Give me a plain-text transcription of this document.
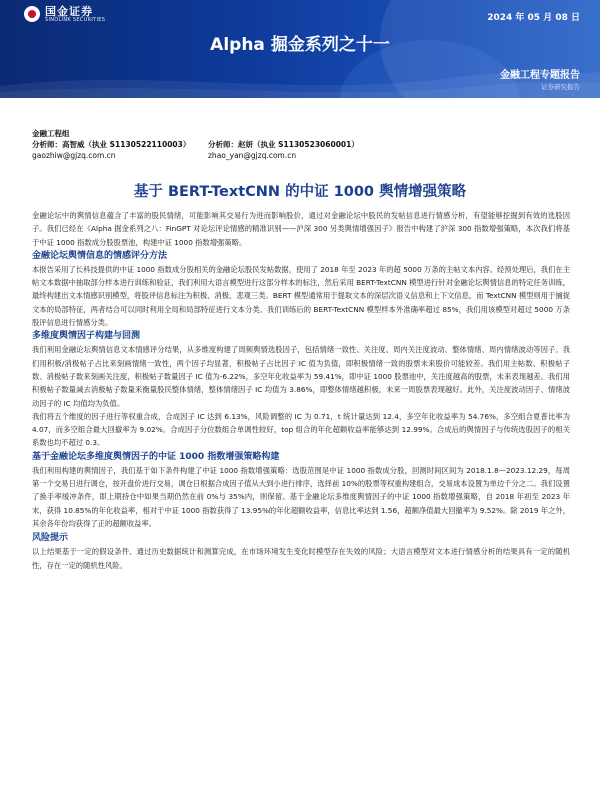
国金证券
SINOLINK SECURITIES	2024 年 05 月 08 日
Alpha 掘金系列之十一
金融工程专题报告
证券研究报告
金融工程组
分析师：高智威（执业 S1130522110003）	分析师：赵妍（执业 S1130523060001）
gaozhiw@gjzq.com.cn	zhao_yan@gjzq.com.cn
基于 BERT-TextCNN 的中证 1000 舆情增强策略

金融论坛中的舆情信息蕴含了丰富的股民情绪，可能影响其交易行为进而影响股价，通过对金融论坛中股民的发帖信息进行情感分析，有望能够挖掘到有效的选股因子。我们已经在《Alpha 掘金系列之八：FinGPT 对论坛评论情感的精准识别——沪深 300 另类舆情增强因子》报告中构建了沪深 300 指数增强策略，本次我们将基于中证 1000 指数成分股股票池，构建中证 1000 指数增强策略。

金融论坛舆情信息的情感评分方法

本报告采用了长科技提供的中证 1000 指数成分股相关的金融论坛股民发帖数据，使用了 2018 年至 2023 年的超 5000 万条的主帖文本内容。经预处理后，我们在主帖文本数据中抽取部分样本进行训练和验证，我们利用大语言模型进行这部分样本的标注，然后采用 BERT-TextCNN 模型进行针对金融论坛舆情信息的特定任务训练，最终构建出文本情感识别模型，将股评信息标注为积极、消极、悲观三类。BERT 模型通常用于提取文本的深层次语义信息和上下文信息，而 TextCNN 模型则用于捕捉文本的局部特征，两者结合可以同时利用全局和局部特征进行文本分类。我们训练后的 BERT-TextCNN 模型样本外准确率超过 85%，我们用该模型对超过 5000 万条股评信息进行情感分类。

多维度舆情因子构建与回测

我们利用金融论坛舆情信息文本情感评分结果，从多维度构建了周频舆情选股因子，包括情绪一致性、关注度、周内关注度波动、整体情绪、周内情绪波动等因子。我们用积极/消极帖子占比来刻画情绪一致性，两个因子均显著，积极帖子占比因子 IC 值为负值，即积极情绪一致的股票未来股价可能较差。我们用主帖数、积极帖子数、消极帖子数来刻画关注度，积极帖子数量因子 IC 值为-6.22%，多空年化收益率为 59.41%，即中证 1000 股票池中，关注度越高的股票，未来表现越差。我们用积极帖子数量减去消极帖子数量来衡量股民整体情绪，整体情绪因子 IC 均值为 3.86%，即整体情绪越积极，未来一周股票表现越好。此外，关注度波动因子、情绪波动因子的 IC 均值均为负值。
我们将五个维度的因子进行等权重合成，合成因子 IC 达到 6.13%，风险调整的 IC 为 0.71，t 统计量达到 12.4，多空年化收益率为 54.76%，多空组合夏普比率为 4.07，而多空组合最大回撤率为 9.02%。合成因子分位数组合单调性较好，top 组合的年化超额收益率能够达到 12.99%。合成后的舆情因子与传统选股因子的相关系数也均不超过 0.3。

基于金融论坛多维度舆情因子的中证 1000 指数增强策略构建

我们利用构建的舆情因子，我们基于如下条件构建了中证 1000 指数增强策略：选股范围是中证 1000 指数成分股，回测时间区间为 2018.1.8—2023.12.29，每周第一个交易日进行调仓，按开盘价进行交易，调仓日根据合成因子值从大到小进行排序，选择前 10%的股票等权重构建组合，交易成本设置为单边千分之二。我们设置了换手率缓冲条件，即上期持仓中如果当期仍然在前 0%与 35%内，则保留。基于金融论坛多维度舆情因子的中证 1000 指数增强策略，自 2018 年初至 2023 年末，获得 10.85%的年化收益率，相对于中证 1000 指数获得了 13.95%的年化超额收益率，信息比率达到 1.56，超额净值最大回撤率为 9.52%。除 2019 年之外，其余各年份均获得了正的超额收益率。

风险提示

以上结果基于一定的假设条件、通过历史数据统计和测算完成，在市场环境发生变化时模型存在失效的风险；大语言模型对文本进行情感分析的结果具有一定的随机性，存在一定的随机性风险。
